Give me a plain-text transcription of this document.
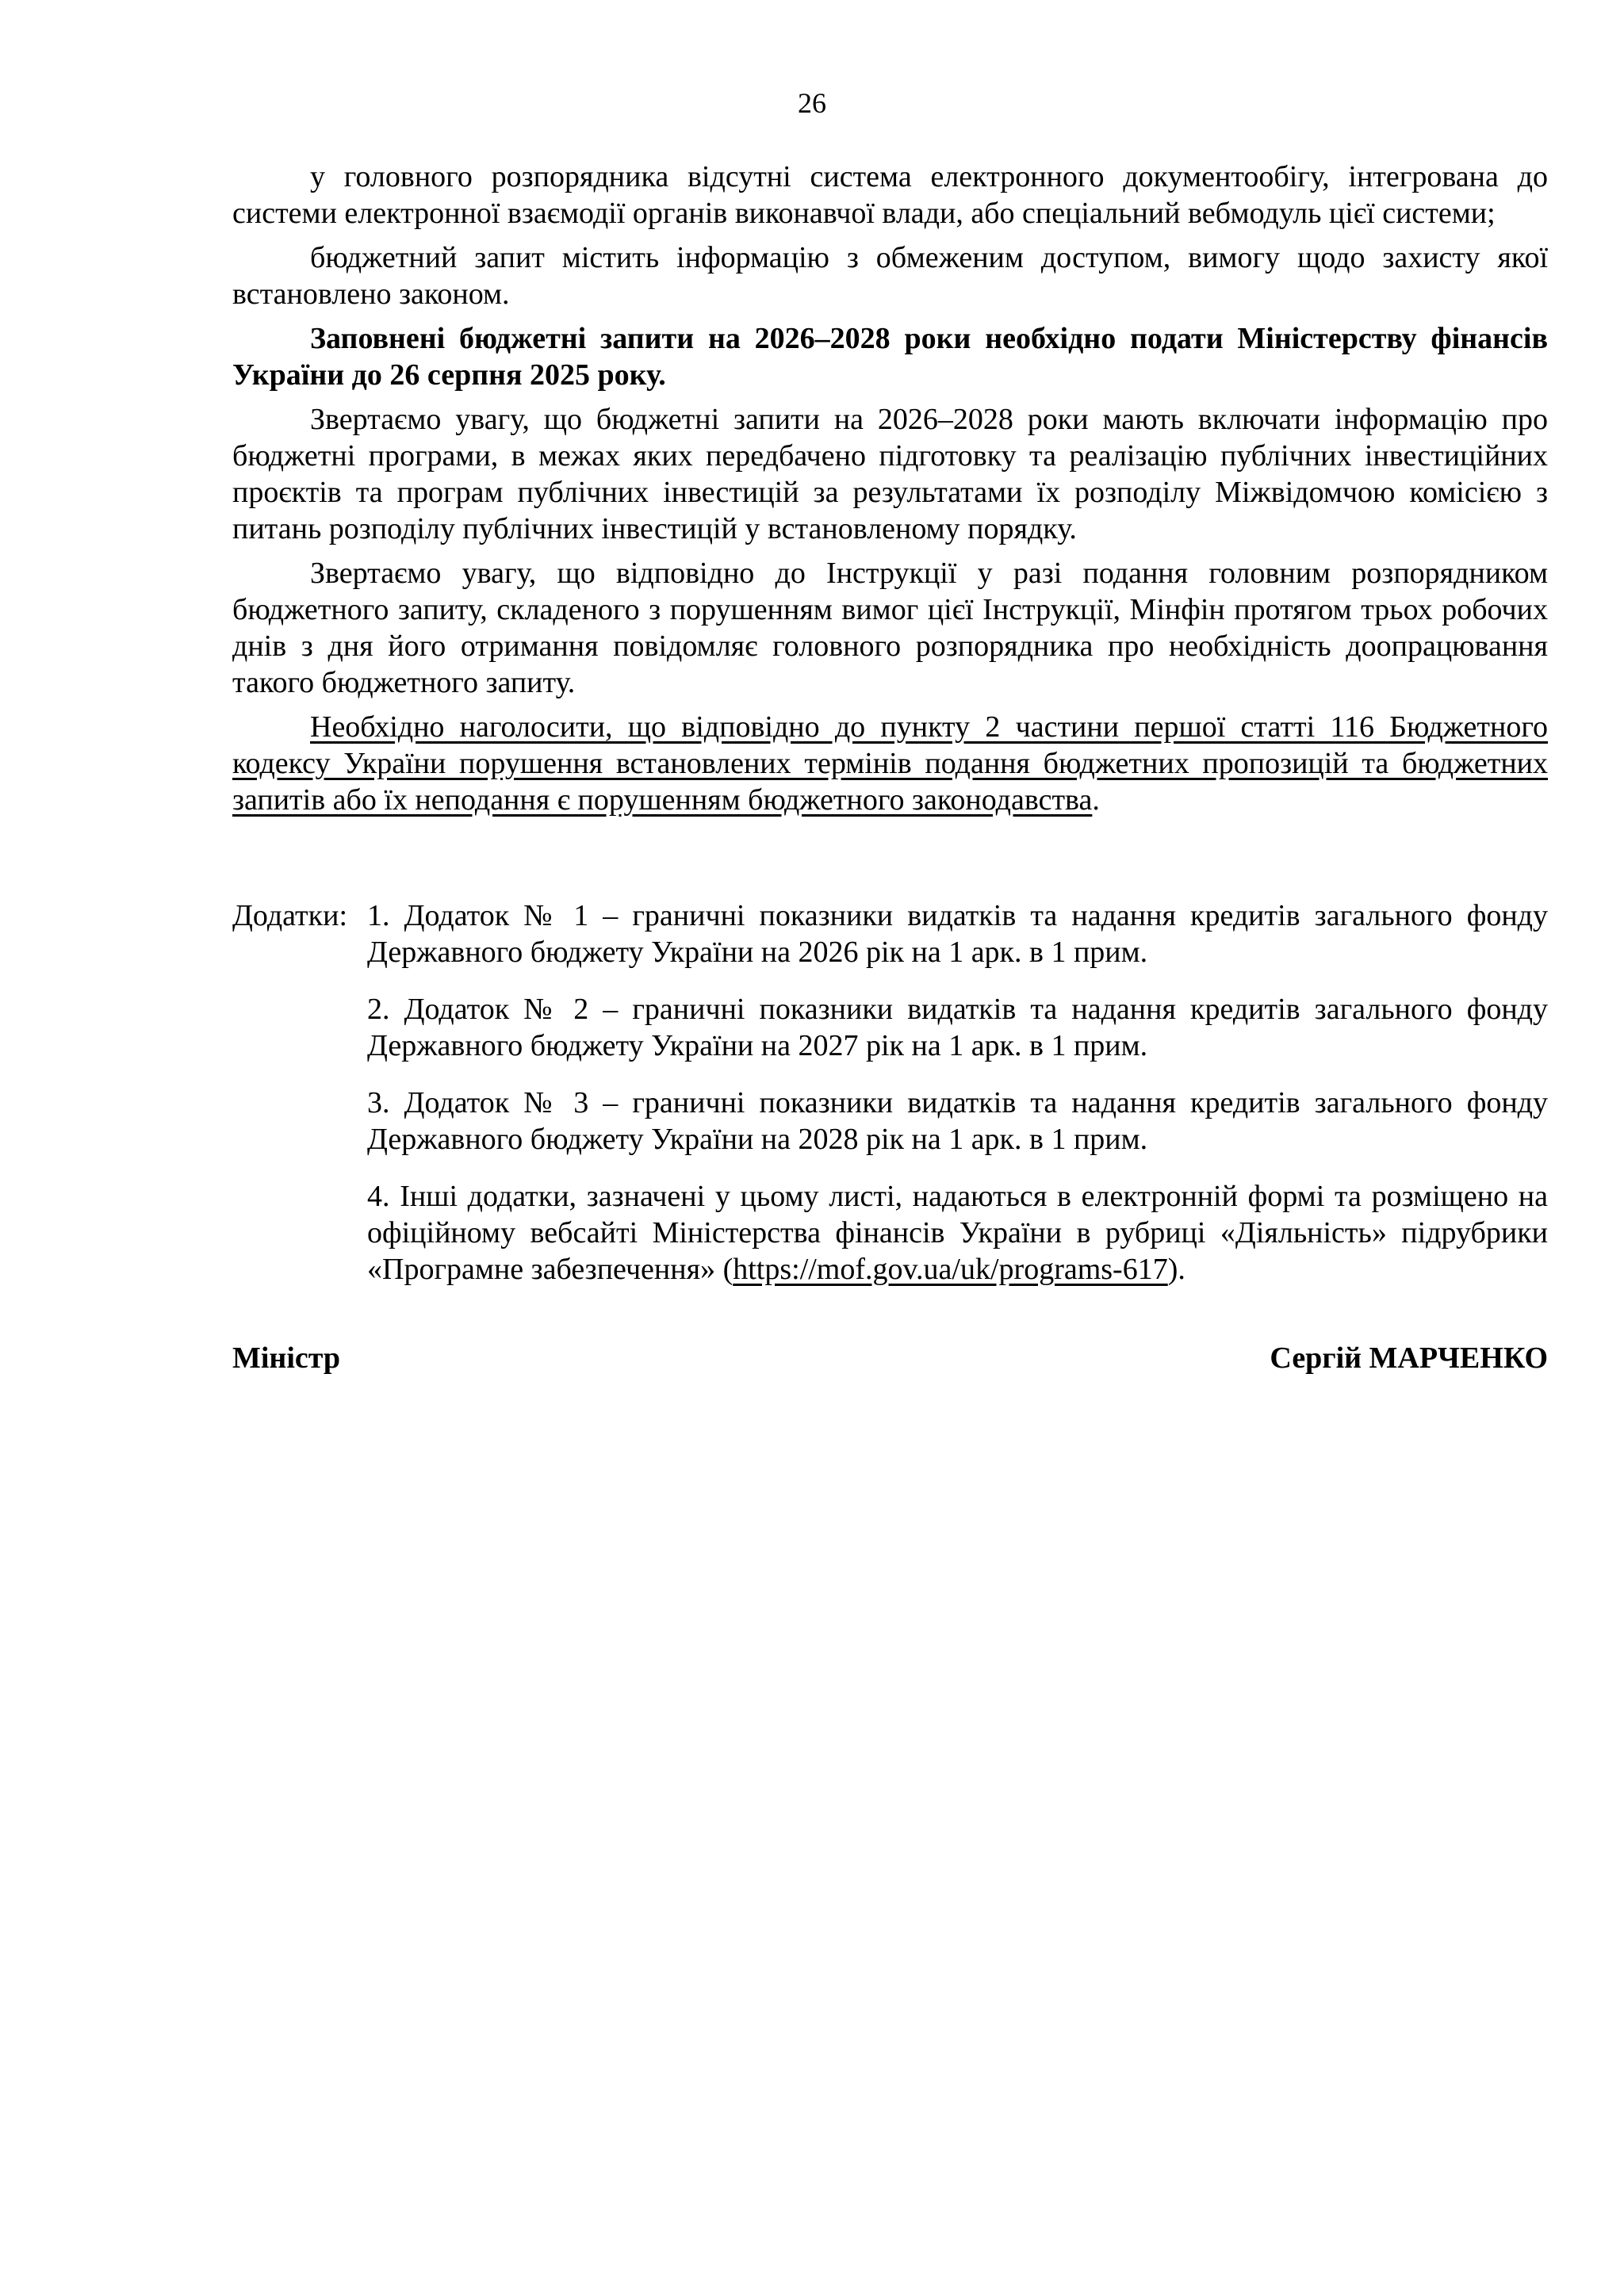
26

у головного розпорядника відсутні система електронного документообігу, інтегрована до системи електронної взаємодії органів виконавчої влади, або спеціальний вебмодуль цієї системи;

бюджетний запит містить інформацію з обмеженим доступом, вимогу щодо захисту якої встановлено законом.

Заповнені бюджетні запити на 2026–2028 роки необхідно подати Міністерству фінансів України до 26 серпня 2025 року.

Звертаємо увагу, що бюджетні запити на 2026–2028 роки мають включати інформацію про бюджетні програми, в межах яких передбачено підготовку та реалізацію публічних інвестиційних проєктів та програм публічних інвестицій за результатами їх розподілу Міжвідомчою комісією з питань розподілу публічних інвестицій у встановленому порядку.

Звертаємо увагу, що відповідно до Інструкції у разі подання головним розпорядником бюджетного запиту, складеного з порушенням вимог цієї Інструкції, Мінфін протягом трьох робочих днів з дня його отримання повідомляє головного розпорядника про необхідність доопрацювання такого бюджетного запиту.

Необхідно наголосити, що відповідно до пункту 2 частини першої статті 116 Бюджетного кодексу України порушення встановлених термінів подання бюджетних пропозицій та бюджетних запитів або їх неподання є порушенням бюджетного законодавства.

Додатки: 1. Додаток № 1 – граничні показники видатків та надання кредитів загального фонду Державного бюджету України на 2026 рік на 1 арк. в 1 прим.

2. Додаток № 2 – граничні показники видатків та надання кредитів загального фонду Державного бюджету України на 2027 рік на 1 арк. в 1 прим.

3. Додаток № 3 – граничні показники видатків та надання кредитів загального фонду Державного бюджету України на 2028 рік на 1 арк. в 1 прим.

4. Інші додатки, зазначені у цьому листі, надаються в електронній формі та розміщено на офіційному вебсайті Міністерства фінансів України в рубриці «Діяльність» підрубрики «Програмне забезпечення» (https://mof.gov.ua/uk/programs-617).

Міністр	Сергій МАРЧЕНКО
